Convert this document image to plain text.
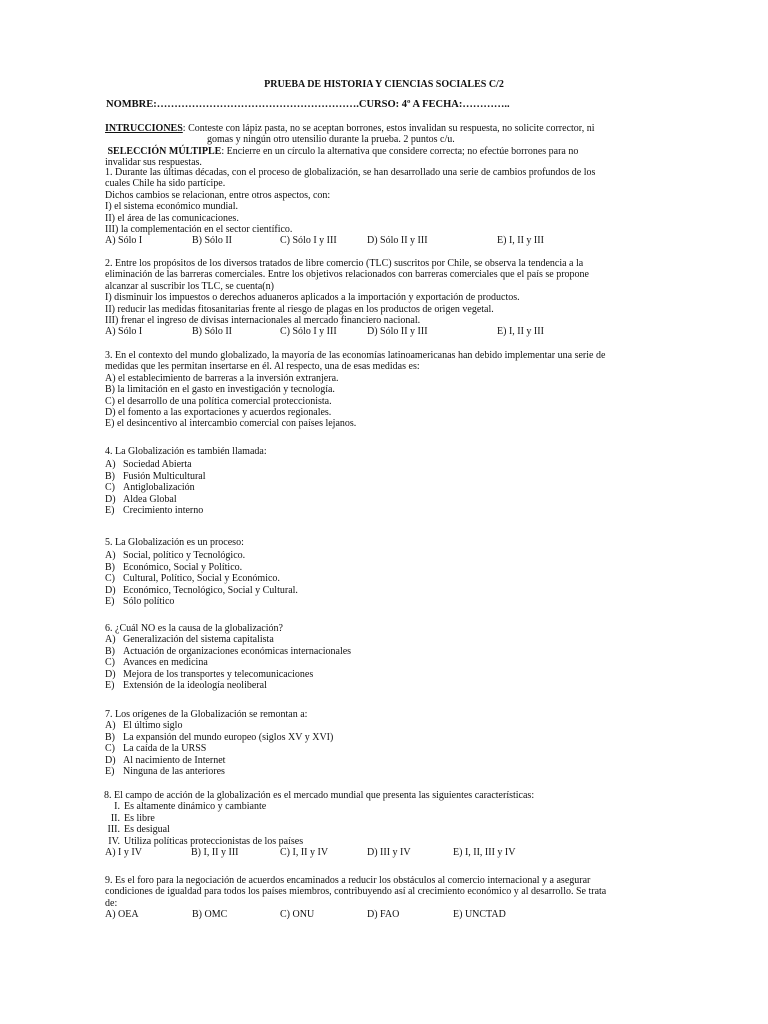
PRUEBA DE HISTORIA Y CIENCIAS SOCIALES C/2
NOMBRE:………………………………………………….CURSO: 4º A FECHA:…………..
INTRUCCIONES: Conteste con lápiz pasta, no se aceptan borrones, estos invalidan su respuesta, no solicite corrector, ni
gomas y ningún otro utensilio durante la prueba. 2 puntos c/u.
SELECCIÓN MÚLTIPLE: Encierre en un círculo la alternativa que considere correcta; no efectúe borrones para no
invalidar sus respuestas.
1. Durante las últimas décadas, con el proceso de globalización, se han desarrollado una serie de cambios profundos de los
cuales Chile ha sido partícipe.
Dichos cambios se relacionan, entre otros aspectos, con:
I) el sistema económico mundial.
II) el área de las comunicaciones.
III) la complementación en el sector científico.
A) Sólo I	B) Sólo II	C) Sólo I y III	D) Sólo II y III	E) I, II y III
2. Entre los propósitos de los diversos tratados de libre comercio (TLC) suscritos por Chile, se observa la tendencia a la
eliminación de las barreras comerciales. Entre los objetivos relacionados con barreras comerciales que el país se propone
alcanzar al suscribir los TLC, se cuenta(n)
I) disminuir los impuestos o derechos aduaneros aplicados a la importación y exportación de productos.
II) reducir las medidas fitosanitarias frente al riesgo de plagas en los productos de origen vegetal.
III) frenar el ingreso de divisas internacionales al mercado financiero nacional.
A) Sólo I	B) Sólo II	C) Sólo I y III	D) Sólo II y III	E) I, II y III
3. En el contexto del mundo globalizado, la mayoría de las economías latinoamericanas han debido implementar una serie de
medidas que les permitan insertarse en él. Al respecto, una de esas medidas es:
A) el establecimiento de barreras a la inversión extranjera.
B) la limitación en el gasto en investigación y tecnología.
C) el desarrollo de una política comercial proteccionista.
D) el fomento a las exportaciones y acuerdos regionales.
E) el desincentivo al intercambio comercial con países lejanos.
4. La Globalización es también llamada:
A) Sociedad Abierta
B) Fusión Multicultural
C) Antiglobalización
D) Aldea Global
E) Crecimiento interno
5. La Globalización es un proceso:
A) Social, político y Tecnológico.
B) Económico, Social y Político.
C) Cultural, Político, Social y Económico.
D) Económico, Tecnológico, Social y Cultural.
E) Sólo político
6. ¿Cuál NO es la causa de la globalización?
A) Generalización del sistema capitalista
B) Actuación de organizaciones económicas internacionales
C) Avances en medicina
D) Mejora de los transportes y telecomunicaciones
E) Extensión de la ideología neoliberal
7. Los orígenes de la Globalización se remontan a:
A) El último siglo
B) La expansión del mundo europeo (siglos XV y XVI)
C) La caída de la URSS
D) Al nacimiento de Internet
E) Ninguna de las anteriores
8. El campo de acción de la globalización es el mercado mundial que presenta las siguientes características:
I. Es altamente dinámico y cambiante
II. Es libre
III. Es desigual
IV. Utiliza políticas proteccionistas de los países
A) I y IV	B) I, II y III	C) I, II y IV	D) III y IV	E) I, II, III y IV
9. Es el foro para la negociación de acuerdos encaminados a reducir los obstáculos al comercio internacional y a asegurar
condiciones de igualdad para todos los países miembros, contribuyendo así al crecimiento económico y al desarrollo. Se trata
de:
A) OEA	B) OMC	C) ONU	D) FAO	E) UNCTAD
